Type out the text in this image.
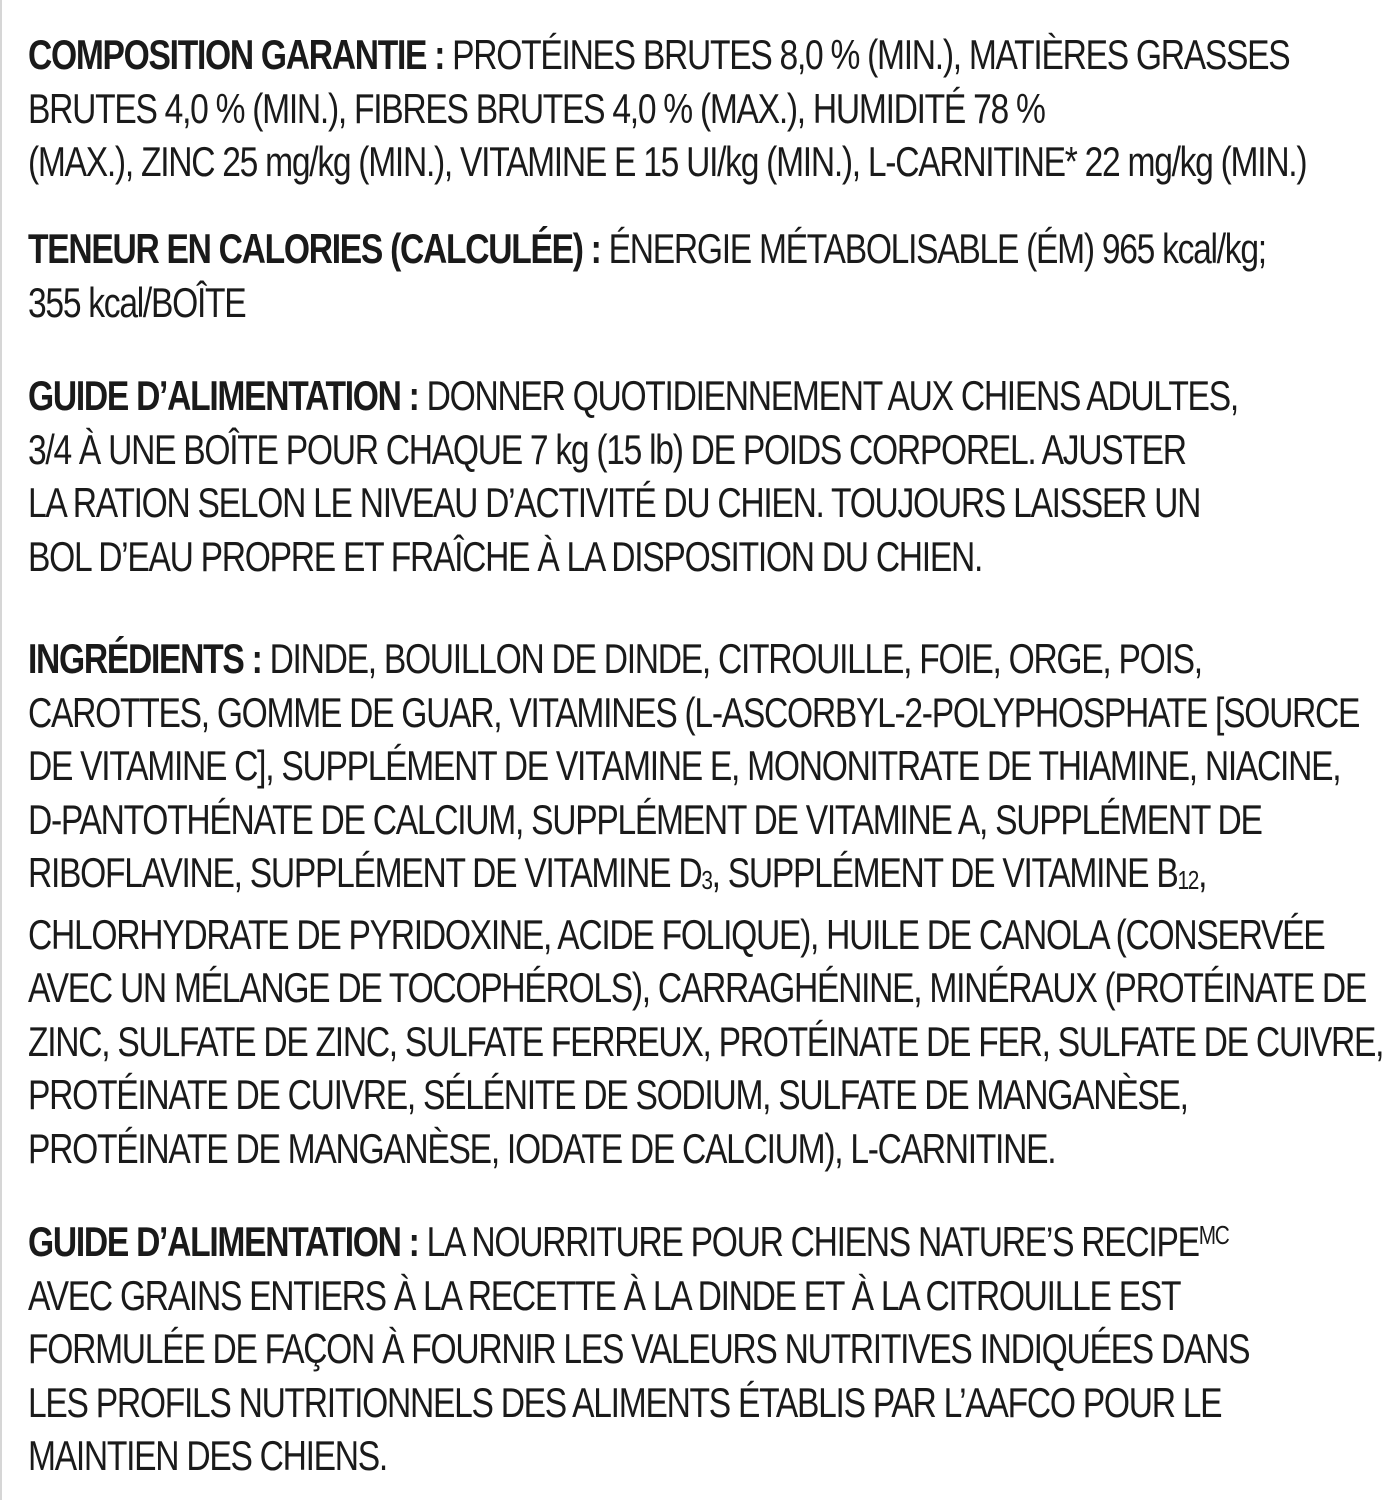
COMPOSITION GARANTIE : PROTÉINES BRUTES 8,0 % (MIN.), MATIÈRES GRASSES
BRUTES 4,0 % (MIN.), FIBRES BRUTES 4,0 % (MAX.), HUMIDITÉ 78 %
(MAX.), ZINC 25 mg/kg (MIN.), VITAMINE E 15 UI/kg (MIN.), L-CARNITINE* 22 mg/kg (MIN.)
TENEUR EN CALORIES (CALCULÉE) : ÉNERGIE MÉTABOLISABLE (ÉM) 965 kcal/kg;
355 kcal/BOÎTE
GUIDE D’ALIMENTATION : DONNER QUOTIDIENNEMENT AUX CHIENS ADULTES,
3/4 À UNE BOÎTE POUR CHAQUE 7 kg (15 lb) DE POIDS CORPOREL. AJUSTER
LA RATION SELON LE NIVEAU D’ACTIVITÉ DU CHIEN. TOUJOURS LAISSER UN
BOL D’EAU PROPRE ET FRAÎCHE À LA DISPOSITION DU CHIEN.
INGRÉDIENTS : DINDE, BOUILLON DE DINDE, CITROUILLE, FOIE, ORGE, POIS,
CAROTTES, GOMME DE GUAR, VITAMINES (L-ASCORBYL-2-POLYPHOSPHATE [SOURCE
DE VITAMINE C], SUPPLÉMENT DE VITAMINE E, MONONITRATE DE THIAMINE, NIACINE,
D-PANTOTHÉNATE DE CALCIUM, SUPPLÉMENT DE VITAMINE A, SUPPLÉMENT DE
RIBOFLAVINE, SUPPLÉMENT DE VITAMINE D3, SUPPLÉMENT DE VITAMINE B12,
CHLORHYDRATE DE PYRIDOXINE, ACIDE FOLIQUE), HUILE DE CANOLA (CONSERVÉE
AVEC UN MÉLANGE DE TOCOPHÉROLS), CARRAGHÉNINE, MINÉRAUX (PROTÉINATE DE
ZINC, SULFATE DE ZINC, SULFATE FERREUX, PROTÉINATE DE FER, SULFATE DE CUIVRE,
PROTÉINATE DE CUIVRE, SÉLÉNITE DE SODIUM, SULFATE DE MANGANÈSE,
PROTÉINATE DE MANGANÈSE, IODATE DE CALCIUM), L-CARNITINE.
GUIDE D’ALIMENTATION : LA NOURRITURE POUR CHIENS NATURE’S $RECIPE^{MC}$
AVEC GRAINS ENTIERS À LA RECETTE À LA DINDE ET À LA CITROUILLE EST
FORMULÉE DE FAÇON À FOURNIR LES VALEURS NUTRITIVES INDIQUÉES DANS
LES PROFILS NUTRITIONNELS DES ALIMENTS ÉTABLIS PAR L’AAFCO POUR LE
MAINTIEN DES CHIENS.
